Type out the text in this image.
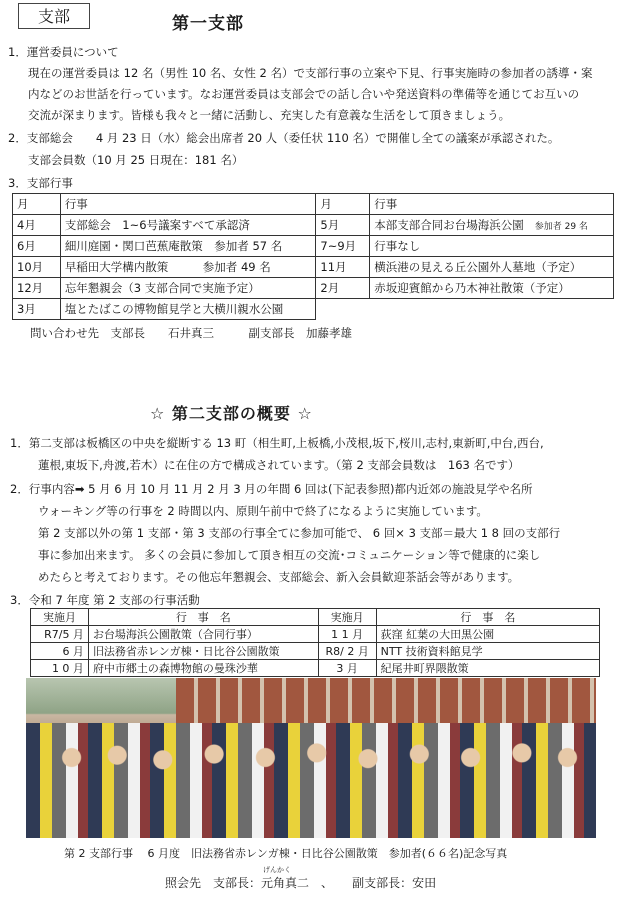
支部	第一支部
1．運営委員について
現在の運営委員は 12 名（男性 10 名、女性 2 名）で支部行事の立案や下見、行事実施時の参加者の誘導・案
内などのお世話を行っています。なお運営委員は支部会での話し合いや発送資料の準備等を通じてお互いの
交流が深まります。皆様も我々と一緒に活動し、充実した有意義な生活をして頂きましょう。
2．支部総会　　4 月 23 日（水）総会出席者 20 人（委任状 110 名）で開催し全ての議案が承認された。
支部会員数（10 月 25 日現在：181 名）
3．支部行事
月	行事	月	行事
4月	支部総会　1~6号議案すべて承認済	5月	本部支部合同お台場海浜公園 参加者 29 名
6月	細川庭園・関口芭蕉庵散策　参加者 57 名	7~9月	行事なし
10月	早稲田大学構内散策　　　参加者 49 名	11月	横浜港の見える丘公園外人墓地（予定）
12月	忘年懇親会（3 支部合同で実施予定）	2月	赤坂迎賓館から乃木神社散策（予定）
3月	塩とたばこの博物館見学と大横川親水公園		
問い合わせ先　支部長　　石井真三　　　副支部長　加藤孝雄
☆ 第二支部の概要 ☆
1．第二支部は板橋区の中央を縦断する 13 町（相生町,上板橋,小茂根,坂下,桜川,志村,東新町,中台,西台,
蓮根,東坂下,舟渡,若木）に在住の方で構成されています。（第 2 支部会員数は　163 名です）
2．行事内容➡ 5 月 6 月 10 月 11 月 2 月 3 月の年間 6 回は(下記表参照)都内近郊の施設見学や名所
ウォーキング等の行事を 2 時間以内、原則午前中で終了になるように実施しています。
第 2 支部以外の第 1 支部・第 3 支部の行事全てに参加可能で、 6 回× 3 支部＝最大 1 8 回の支部行
事に参加出来ます。 多くの会員に参加して頂き相互の交流･コミュニケーション等で健康的に楽し
めたらと考えております。その他忘年懇親会、支部総会、新入会員歓迎茶話会等があります。
3．令和 7 年度 第 2 支部の行事活動
実施月	行　事　名	実施月	行　事　名
R7/5 月	お台場海浜公園散策（合同行事）	1 1 月	荻窪 紅葉の大田黒公園
6 月	旧法務省赤レンガ棟・日比谷公園散策	R8/ 2 月	NTT 技術資料館見学
1 0 月	府中市郷土の森博物館の曼珠沙華	3 月	紀尾井町界隈散策
第 2 支部行事　 6 月度　旧法務省赤レンガ棟・日比谷公園散策　参加者(６６名)記念写真
照会先　支部長：元角真二　、
げんかく
副支部長：安田
